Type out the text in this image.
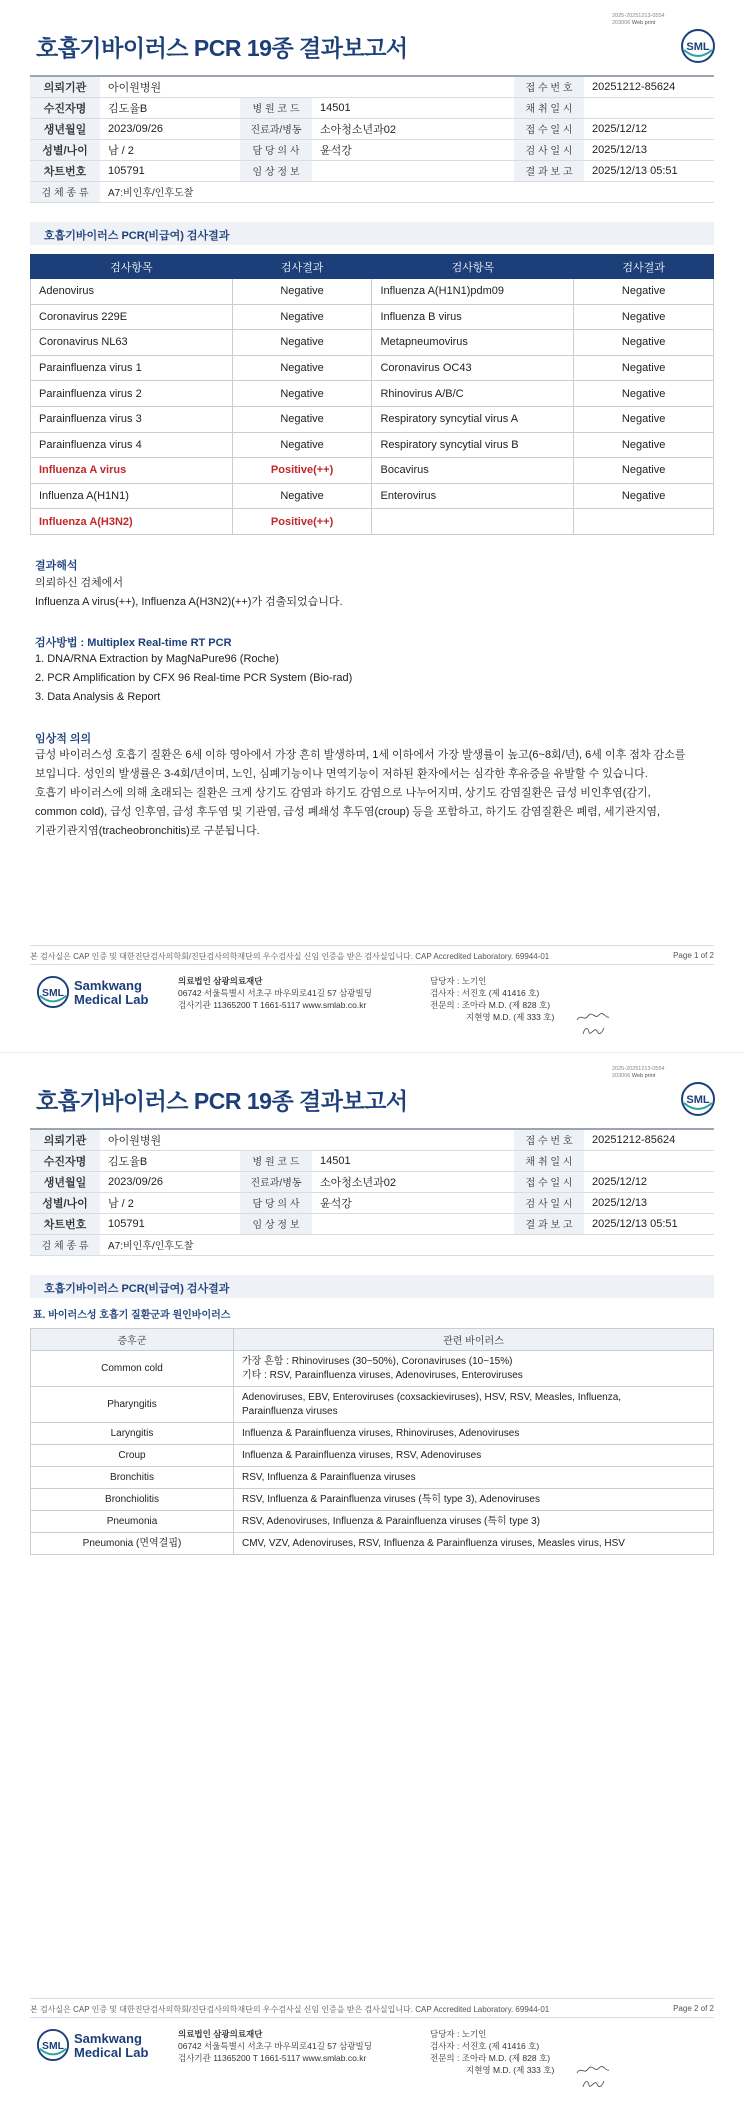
2025-20251213-0554
203006 Web print
호흡기바이러스 PCR 19종 결과보고서	SML
의뢰기관	아이원병원			접 수 번 호	20251212-85624
수진자명	김도율B	병 원 코 드	14501	채 취 일 시	
생년월일	2023/09/26	진료과/병동	소아청소년과02	접 수 일 시	2025/12/12
성별/나이	남 / 2	담 당 의 사	윤석강	검 사 일 시	2025/12/13
차트번호	105791	임 상 정 보		결 과 보 고	2025/12/13 05:51
검 체 종 류	A7:비인후/인후도찰				
호흡기바이러스 PCR(비급여) 검사결과
검사항목	검사결과	검사항목	검사결과
Adenovirus	Negative	Influenza A(H1N1)pdm09	Negative
Coronavirus 229E	Negative	Influenza B virus	Negative
Coronavirus NL63	Negative	Metapneumovirus	Negative
Parainfluenza virus 1	Negative	Coronavirus OC43	Negative
Parainfluenza virus 2	Negative	Rhinovirus A/B/C	Negative
Parainfluenza virus 3	Negative	Respiratory syncytial virus A	Negative
Parainfluenza virus 4	Negative	Respiratory syncytial virus B	Negative
Influenza A virus	Positive(++)	Bocavirus	Negative
Influenza A(H1N1)	Negative	Enterovirus	Negative
Influenza A(H3N2)	Positive(++)		
결과해석
의뢰하신 검체에서
Influenza A virus(++), Influenza A(H3N2)(++)가 검출되었습니다.
검사방법 : Multiplex Real-time RT PCR
1. DNA/RNA Extraction by MagNaPure96 (Roche)
2. PCR Amplification by CFX 96 Real-time PCR System (Bio-rad)
3. Data Analysis & Report
임상적 의의
급성 바이러스성 호흡기 질환은 6세 이하 영아에서 가장 흔히 발생하며, 1세 이하에서 가장 발생률이 높고(6~8회/년), 6세 이후 점차 감소를
보입니다. 성인의 발생률은 3-4회/년이며, 노인, 심폐기능이나 면역기능이 저하된 환자에서는 심각한 후유증을 유발할 수 있습니다.
호흡기 바이러스에 의해 초래되는 질환은 크게 상기도 감염과 하기도 감염으로 나누어지며, 상기도 감염질환은 급성 비인후염(감기,
common cold), 급성 인후염, 급성 후두염 및 기관염, 급성 폐쇄성 후두염(croup) 등을 포함하고, 하기도 감염질환은 폐렴, 세기관지염,
기관기관지염(tracheobronchitis)로 구분됩니다.
본 검사실은 CAP 인증 및 대한진단검사의학회/진단검사의학재단의 우수검사실 신임 인증을 받은 검사실입니다. CAP Accredited Laboratory. 69944-01	Page 1 of 2
SML
Samkwang
Medical Lab
의료법인 삼광의료재단
06742 서울특별시 서초구 바우뫼로41길 57 삼광빌딩
검사기관 11365200 T 1661-5117 www.smlab.co.kr
담당자 : 노기인
검사자 : 서진호 (제 41416 호)
전문의 : 조아라 M.D. (제 828 호)
지현영 M.D. (제 333 호)
2025-20251213-0554
203006 Web print
호흡기바이러스 PCR 19종 결과보고서	SML
의뢰기관	아이원병원			접 수 번 호	20251212-85624
수진자명	김도율B	병 원 코 드	14501	채 취 일 시	
생년월일	2023/09/26	진료과/병동	소아청소년과02	접 수 일 시	2025/12/12
성별/나이	남 / 2	담 당 의 사	윤석강	검 사 일 시	2025/12/13
차트번호	105791	임 상 정 보		결 과 보 고	2025/12/13 05:51
검 체 종 류	A7:비인후/인후도찰				
호흡기바이러스 PCR(비급여) 검사결과
본 검사실은 CAP 인증 및 대한진단검사의학회/진단검사의학재단의 우수검사실 신임 인증을 받은 검사실입니다. CAP Accredited Laboratory. 69944-01	Page 2 of 2
SML
Samkwang
Medical Lab
의료법인 삼광의료재단
06742 서울특별시 서초구 바우뫼로41길 57 삼광빌딩
검사기관 11365200 T 1661-5117 www.smlab.co.kr
담당자 : 노기인
검사자 : 서진호 (제 41416 호)
전문의 : 조아라 M.D. (제 828 호)
지현영 M.D. (제 333 호)
표. 바이러스성 호흡기 질환군과 원인바이러스
증후군	관련 바이러스
Common cold	가장 흔함 : Rhinoviruses (30~50%), Coronaviruses (10~15%)
기타 : RSV, Parainfluenza viruses, Adenoviruses, Enteroviruses

Pharyngitis	Adenoviruses, EBV, Enteroviruses (coxsackieviruses), HSV, RSV, Measles, Influenza,
Parainfluenza viruses

Laryngitis	Influenza & Parainfluenza viruses, Rhinoviruses, Adenoviruses

Croup	Influenza & Parainfluenza viruses, RSV, Adenoviruses

Bronchitis	RSV, Influenza & Parainfluenza viruses

Bronchiolitis	RSV, Influenza & Parainfluenza viruses (특히 type 3), Adenoviruses

Pneumonia	RSV, Adenoviruses, Influenza & Parainfluenza viruses (특히 type 3)

Pneumonia (면역결핍)	CMV, VZV, Adenoviruses, RSV, Influenza & Parainfluenza viruses, Measles virus, HSV
